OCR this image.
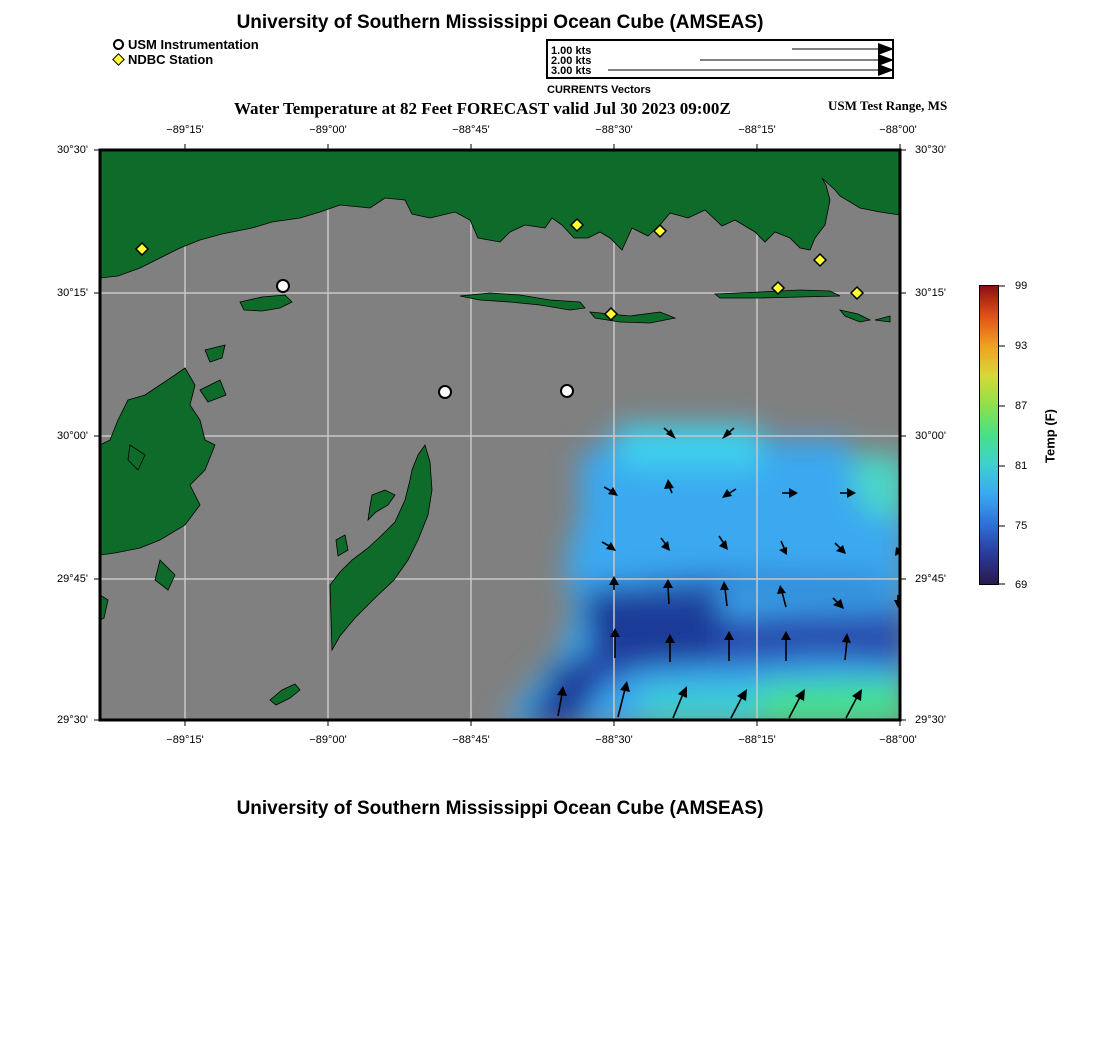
University of Southern Mississippi Ocean Cube (AMSEAS)
USM Instrumentation
NDBC Station
1.00 kts
2.00 kts
3.00 kts
CURRENTS Vectors
Water Temperature at 82 Feet FORECAST valid Jul 30 2023 09:00Z	USM Test Range, MS
−89°15'	−89°00'	−88°45'	−88°30'	−88°15'	−88°00'
−89°15'	−89°00'	−88°45'	−88°30'	−88°15'	−88°00'
30°30'
30°15'
30°00'
29°45'
29°30'
30°30'
30°15'
30°00'
29°45'
29°30'
99
93
87
81
75
69
Temp (F)
University of Southern Mississippi Ocean Cube (AMSEAS)
